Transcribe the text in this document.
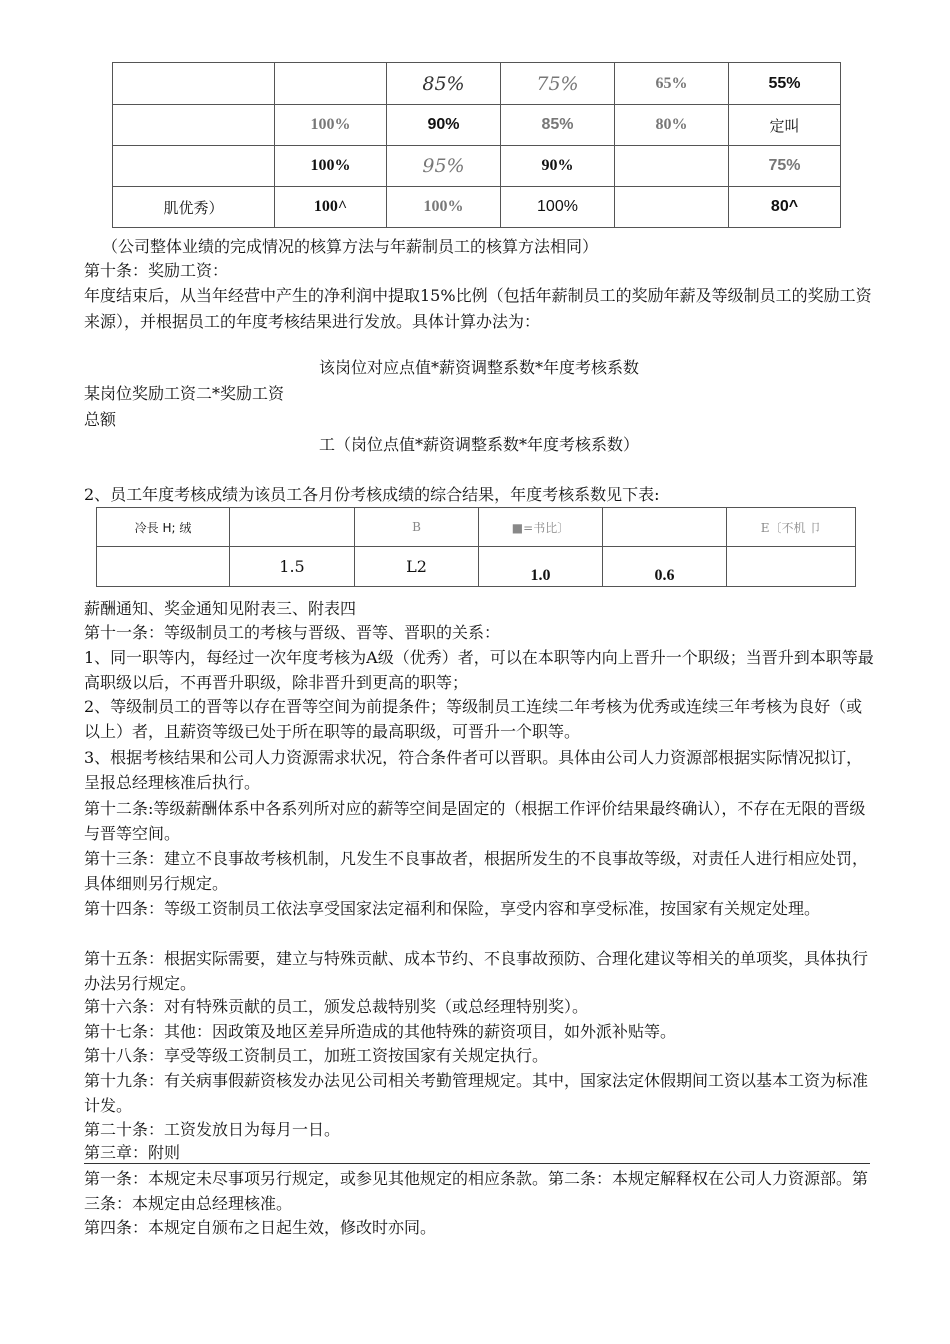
		85%	75%	65%	55%
	100%	90%	85%	80%	定叫
	100%	95%	90%		75%
肌优秀）	100^	100%	100%		80^
（公司整体业绩的完成情况的核算方法与年薪制员工的核算方法相同）
第十条：奖励工资：
年度结束后，从当年经营中产生的净利润中提取15%比例（包括年薪制员工的奖励年薪及等级制员工的奖励工资来源），并根据员工的年度考核结果进行发放。具体计算办法为：
该岗位对应点值*薪资调整系数*年度考核系数
某岗位奖励工资二*奖励工资
总额
工（岗位点值*薪资调整系数*年度考核系数）
2、员工年度考核成绩为该员工各月份考核成绩的综合结果，年度考核系数见下表:
冷長 H; 绒		B	■=书比〕		E〔不机 卩
	1.5	L2	1.0	0.6	
薪酬通知、奖金通知见附表三、附表四
第十一条：等级制员工的考核与晋级、晋等、晋职的关系：
1、同一职等内，每经过一次年度考核为A级（优秀）者，可以在本职等内向上晋升一个职级；当晋升到本职等最高职级以后，不再晋升职级，除非晋升到更高的职等；
2、等级制员工的晋等以存在晋等空间为前提条件；等级制员工连续二年考核为优秀或连续三年考核为良好（或以上）者，且薪资等级已处于所在职等的最高职级，可晋升一个职等。
3、根据考核结果和公司人力资源需求状况，符合条件者可以晋职。具体由公司人力资源部根据实际情况拟订，呈报总经理核准后执行。
第十二条:等级薪酬体系中各系列所对应的薪等空间是固定的（根据工作评价结果最终确认），不存在无限的晋级与晋等空间。
第十三条：建立不良事故考核机制，凡发生不良事故者，根据所发生的不良事故等级，对责任人进行相应处罚，具体细则另行规定。
第十四条：等级工资制员工依法享受国家法定福利和保险，享受内容和享受标准，按国家有关规定处理。
第十五条：根据实际需要，建立与特殊贡献、成本节约、不良事故预防、合理化建议等相关的单项奖，具体执行办法另行规定。
第十六条：对有特殊贡献的员工，颁发总裁特别奖（或总经理特别奖）。
第十七条：其他：因政策及地区差异所造成的其他特殊的薪资项目，如外派补贴等。
第十八条：享受等级工资制员工，加班工资按国家有关规定执行。
第十九条：有关病事假薪资核发办法见公司相关考勤管理规定。其中，国家法定休假期间工资以基本工资为标准计发。
第二十条：工资发放日为每月一日。
第三章：附则
第一条：本规定未尽事项另行规定，或参见其他规定的相应条款。第二条：本规定解释权在公司人力资源部。第三条：本规定由总经理核准。
第四条：本规定自颁布之日起生效，修改时亦同。
